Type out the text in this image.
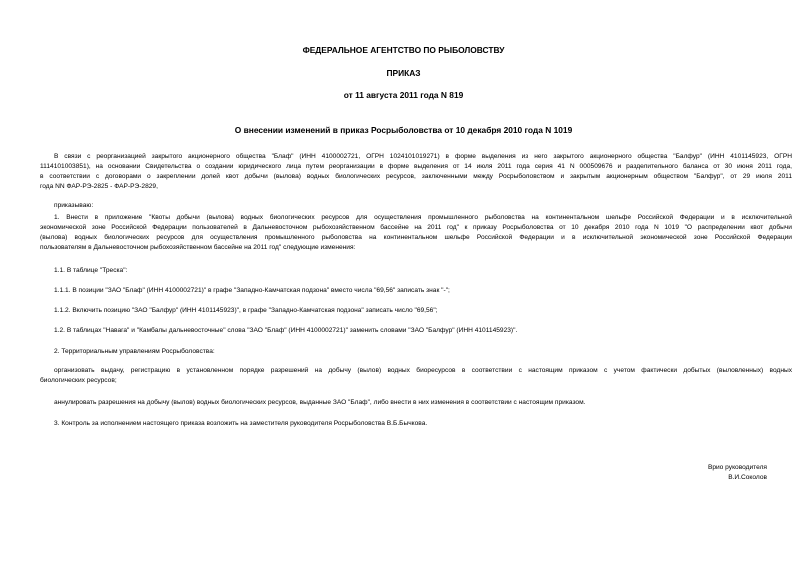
ФЕДЕРАЛЬНОЕ АГЕНТСТВО ПО РЫБОЛОВСТВУ
ПРИКАЗ
от 11 августа 2011 года N 819
О внесении изменений в приказ Росрыболовства от 10 декабря 2010 года N 1019
В связи с реорганизацией закрытого акционерного общества "Блаф" (ИНН 4100002721, ОГРН 1024101019271) в форме выделения из него закрытого акционерного общества "Балфур" (ИНН 4101145923, ОГРН
1114101003851), на основании Свидетельства о создании юридического лица путем реорганизации в форме выделения от 14 июля 2011 года серия 41 N 000509676 и разделительного баланса от 30 июня 2011 года,
в соответствии с договорами о закреплении долей квот добычи (вылова) водных биологических ресурсов, заключенными между Росрыболовством и закрытым акционерным обществом "Балфур", от 29 июля 2011
года NN ФАР-РЭ-2825 - ФАР-РЭ-2829,
приказываю:
1. Внести в приложение "Квоты добычи (вылова) водных биологических ресурсов для осуществления промышленного рыболовства на континентальном шельфе Российской Федерации и в исключительной
экономической зоне Российской Федерации пользователей в Дальневосточном рыбохозяйственном бассейне на 2011 год" к приказу Росрыболовства от 10 декабря 2010 года N 1019 "О распределении квот добычи
(вылова) водных биологических ресурсов для осуществления промышленного рыболовства на континентальном шельфе Российской Федерации и в исключительной экономической зоне Российской Федерации
пользователям в Дальневосточном рыбохозяйственном бассейне на 2011 год" следующие изменения:
1.1. В таблице "Треска":
1.1.1. В позиции "ЗАО "Блаф" (ИНН 4100002721)" в графе "Западно-Камчатская подзона" вместо числа "69,56" записать знак "-";
1.1.2. Включить позицию "ЗАО "Балфур" (ИНН 4101145923)", в графе "Западно-Камчатская подзона" записать число "69,56";
1.2. В таблицах "Навага" и "Камбалы дальневосточные" слова "ЗАО "Блаф" (ИНН 4100002721)" заменить словами "ЗАО "Балфур" (ИНН 4101145923)".
2. Территориальным управлениям Росрыболовства:
организовать выдачу, регистрацию в установленном порядке разрешений на добычу (вылов) водных биоресурсов в соответствии с настоящим приказом с учетом фактически добытых (выловленных) водных
биологических ресурсов;
аннулировать разрешения на добычу (вылов) водных биологических ресурсов, выданные ЗАО "Блаф", либо внести в них изменения в соответствии с настоящим приказом.
3. Контроль за исполнением настоящего приказа возложить на заместителя руководителя Росрыболовства В.Б.Бычкова.
Врио руководителя
В.И.Соколов
